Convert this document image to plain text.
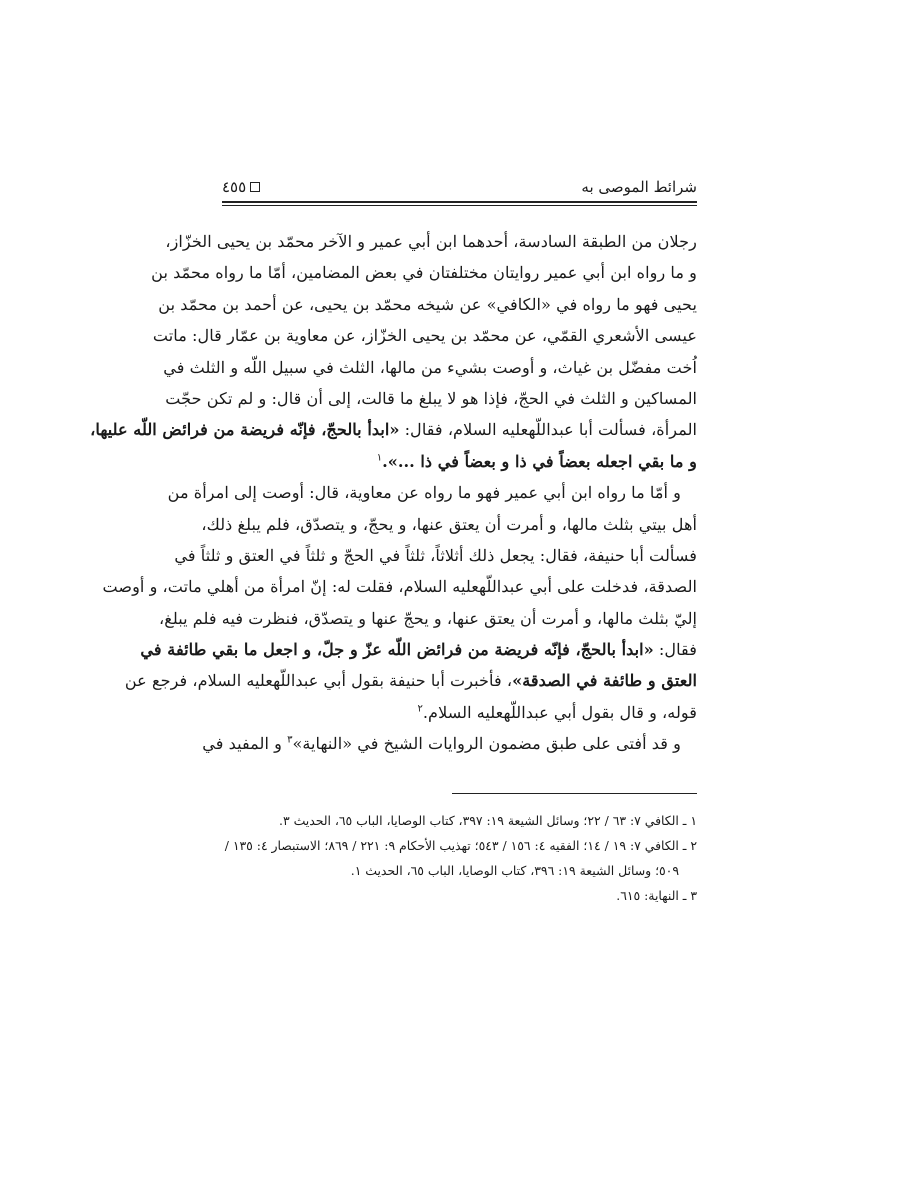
شرائط الموصى به
٤٥٥
رجلان من الطبقة السادسة، أحدهما ابن أبي عمير و الآخر محمّد بن يحيى الخزّاز،
و ما رواه ابن أبي عمير روايتان مختلفتان في بعض المضامين، أمّا ما رواه محمّد بن
يحيى فهو ما رواه في «الكافي» عن شيخه محمّد بن يحيى، عن أحمد بن محمّد بن
عيسى الأشعري القمّي، عن محمّد بن يحيى الخزّاز، عن معاوية بن عمّار قال: ماتت
اُخت مفضّل بن غياث، و أوصت بشيء من مالها، الثلث في سبيل اللّه و الثلث في
المساكين و الثلث في الحجّ، فإذا هو لا يبلغ ما قالت، إلى أن قال: و لم تكن حجّت
المرأة، فسألت أبا عبداللّهعليه السلام، فقال: «ابدأ بالحجّ، فإنّه فريضة من فرائض اللّه عليها،
و ما بقي اجعله بعضاً في ذا و بعضاً في ذا ...».$^١$
و أمّا ما رواه ابن أبي عمير فهو ما رواه عن معاوية، قال: أوصت إلى امرأة من
أهل بيتي بثلث مالها، و أمرت أن يعتق عنها، و يحجّ، و يتصدّق، فلم يبلغ ذلك،
فسألت أبا حنيفة، فقال: يجعل ذلك أثلاثاً، ثلثاً في الحجّ و ثلثاً في العتق و ثلثاً في
الصدقة، فدخلت على أبي عبداللّهعليه السلام، فقلت له: إنّ امرأة من أهلي ماتت، و أوصت
إليّ بثلث مالها، و أمرت أن يعتق عنها، و يحجّ عنها و يتصدّق، فنظرت فيه فلم يبلغ،
فقال: «ابدأ بالحجّ، فإنّه فريضة من فرائض اللّه عزّ و جلّ، و اجعل ما بقي طائفة في
العتق و طائفة في الصدقة»، فأخبرت أبا حنيفة بقول أبي عبداللّهعليه السلام، فرجع عن
قوله، و قال بقول أبي عبداللّهعليه السلام.$^٢$
و قد أفتى على طبق مضمون الروايات الشيخ في «النهاية»$^٣$ و المفيد في
١ ـ الكافي ٧: ٦٣ / ٢٢؛ وسائل الشيعة ١٩: ٣٩٧، كتاب الوصايا، الباب ٦٥، الحديث ٣.
٢ ـ الكافي ٧: ١٩ / ١٤؛ الفقيه ٤: ١٥٦ / ٥٤٣؛ تهذيب الأحكام ٩: ٢٢١ / ٨٦٩؛ الاستبصار ٤: ١٣٥ /
٥٠٩؛ وسائل الشيعة ١٩: ٣٩٦، كتاب الوصايا، الباب ٦٥، الحديث ١.
٣ ـ النهاية: ٦١٥.
